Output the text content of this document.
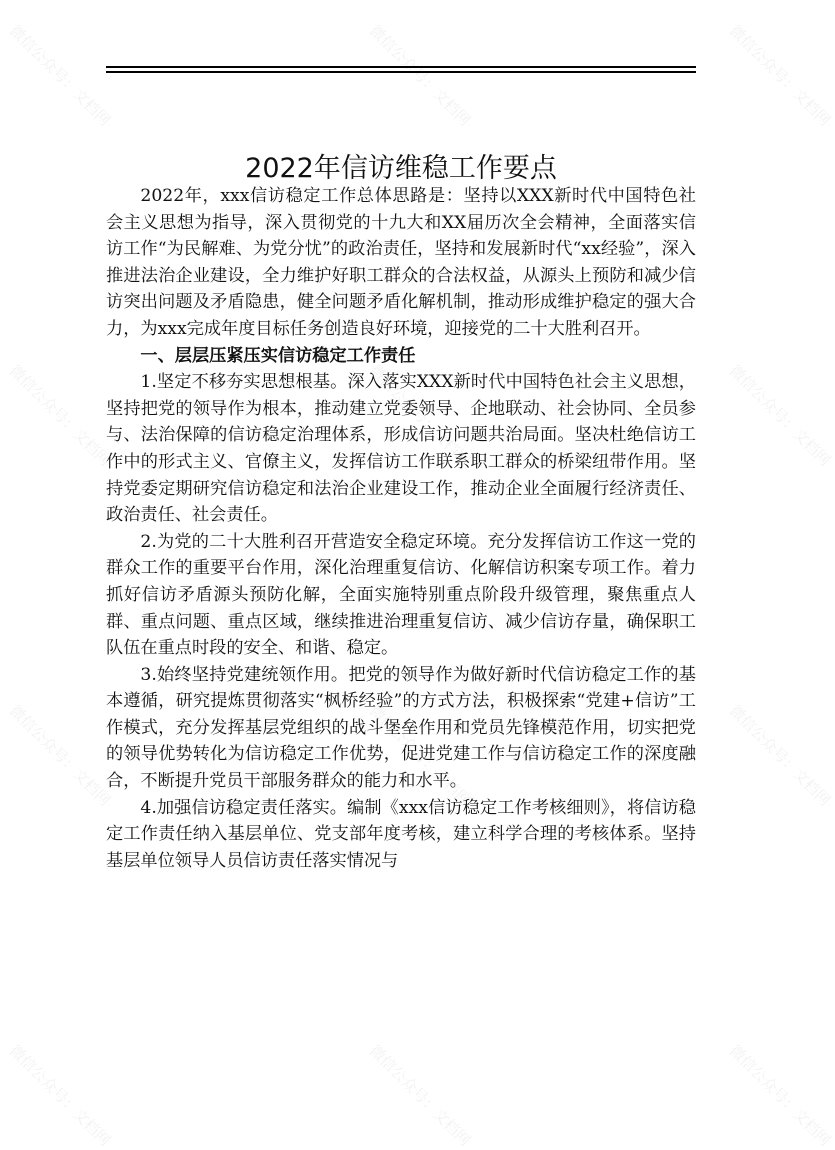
微信公众号：文档网	微信公众号：文档网	微信公众号：文档网
微信公众号：文档网	微信公众号：文档网	微信公众号：文档网
微信公众号：文档网	微信公众号：文档网	微信公众号：文档网
微信公众号：文档网	微信公众号：文档网	微信公众号：文档网
2022年信访维稳工作要点

2022年，xxx信访稳定工作总体思路是：坚持以XXX新时代中国特色社会主义思想为指导，深入贯彻党的十九大和XX届历次全会精神，全面落实信访工作“为民解难、为党分忧”的政治责任，坚持和发展新时代“xx经验”，深入推进法治企业建设，全力维护好职工群众的合法权益，从源头上预防和减少信访突出问题及矛盾隐患，健全问题矛盾化解机制，推动形成维护稳定的强大合力，为xxx完成年度目标任务创造良好环境，迎接党的二十大胜利召开。

一、层层压紧压实信访稳定工作责任

1.坚定不移夯实思想根基。深入落实XXX新时代中国特色社会主义思想，坚持把党的领导作为根本，推动建立党委领导、企地联动、社会协同、全员参与、法治保障的信访稳定治理体系，形成信访问题共治局面。坚决杜绝信访工作中的形式主义、官僚主义，发挥信访工作联系职工群众的桥梁纽带作用。坚持党委定期研究信访稳定和法治企业建设工作，推动企业全面履行经济责任、政治责任、社会责任。

2.为党的二十大胜利召开营造安全稳定环境。充分发挥信访工作这一党的群众工作的重要平台作用，深化治理重复信访、化解信访积案专项工作。着力抓好信访矛盾源头预防化解，全面实施特别重点阶段升级管理，聚焦重点人群、重点问题、重点区域，继续推进治理重复信访、减少信访存量，确保职工队伍在重点时段的安全、和谐、稳定。

3.始终坚持党建统领作用。把党的领导作为做好新时代信访稳定工作的基本遵循，研究提炼贯彻落实“枫桥经验”的方式方法，积极探索“党建+信访”工作模式，充分发挥基层党组织的战斗堡垒作用和党员先锋模范作用，切实把党的领导优势转化为信访稳定工作优势，促进党建工作与信访稳定工作的深度融合，不断提升党员干部服务群众的能力和水平。

4.加强信访稳定责任落实。编制《xxx信访稳定工作考核细则》，将信访稳定工作责任纳入基层单位、党支部年度考核，建立科学合理的考核体系。坚持基层单位领导人员信访责任落实情况与
